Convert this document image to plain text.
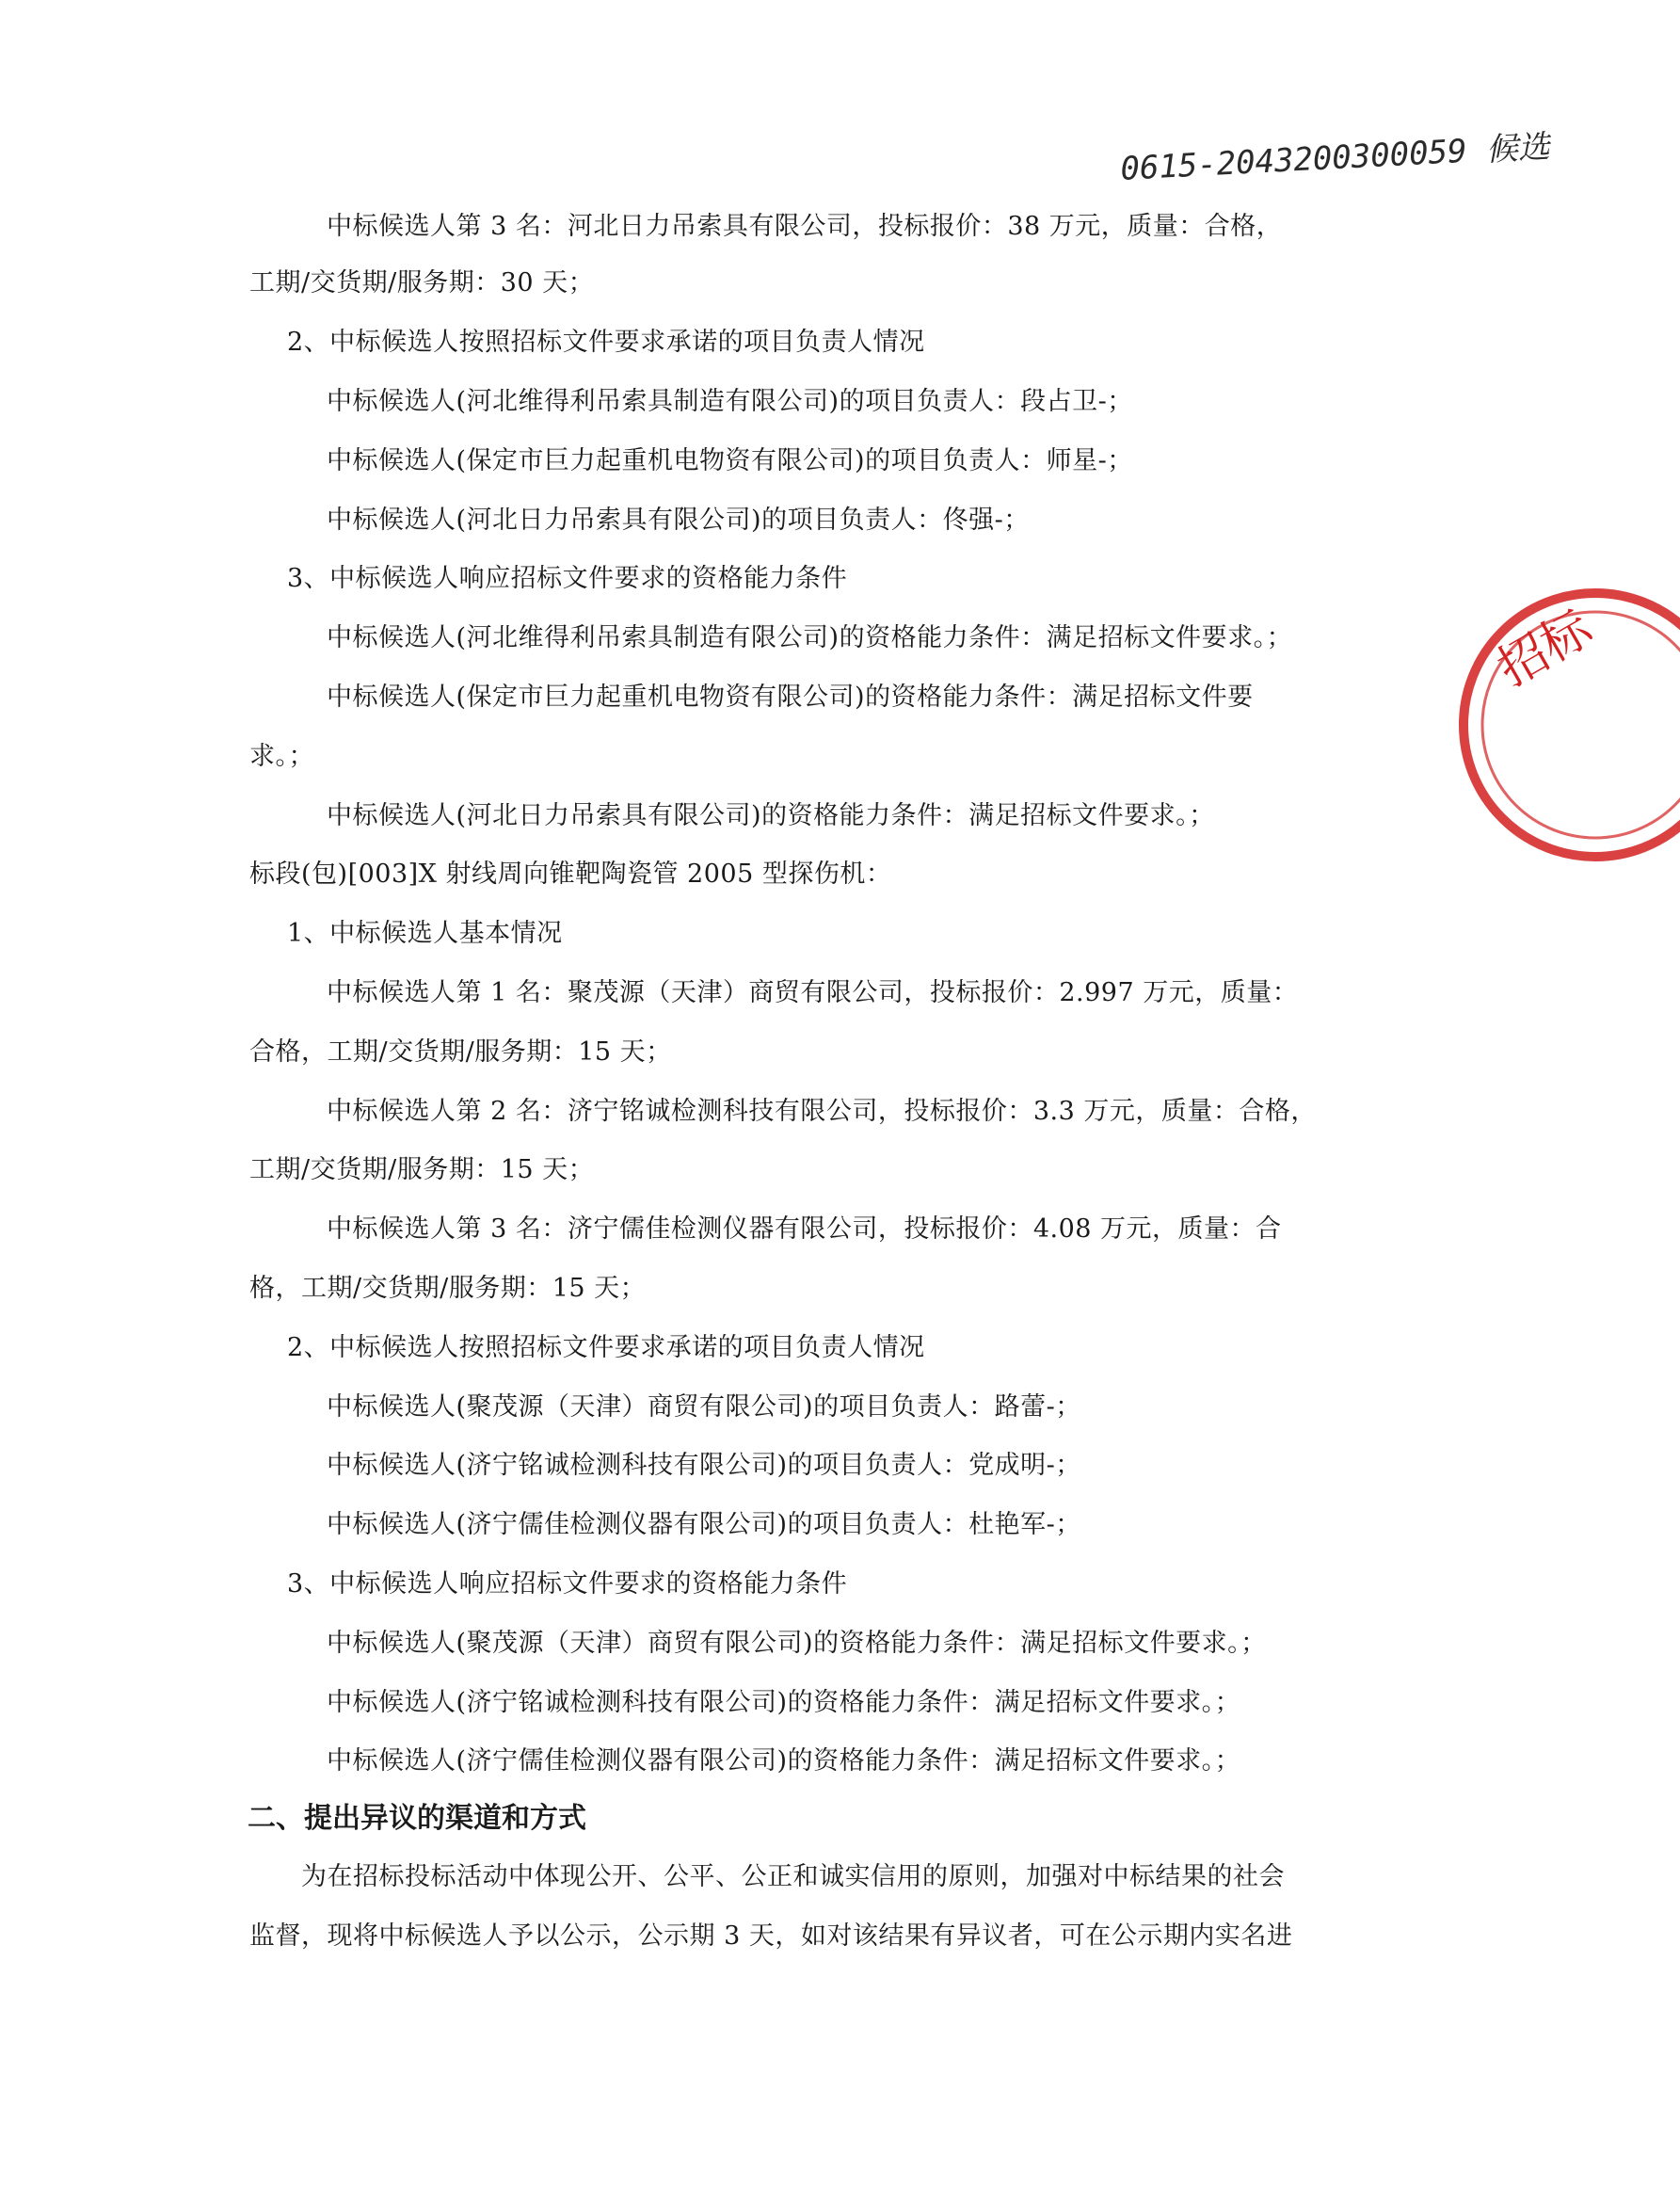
0615-2043200300059 候选
招标
中标候选人第 3 名：河北日力吊索具有限公司，投标报价：38 万元，质量：合格，
工期/交货期/服务期：30 天；
2、中标候选人按照招标文件要求承诺的项目负责人情况
中标候选人(河北维得利吊索具制造有限公司)的项目负责人：段占卫-；
中标候选人(保定市巨力起重机电物资有限公司)的项目负责人：师星-；
中标候选人(河北日力吊索具有限公司)的项目负责人：佟强-；
3、中标候选人响应招标文件要求的资格能力条件
中标候选人(河北维得利吊索具制造有限公司)的资格能力条件：满足招标文件要求。；
中标候选人(保定市巨力起重机电物资有限公司)的资格能力条件：满足招标文件要
求。；
中标候选人(河北日力吊索具有限公司)的资格能力条件：满足招标文件要求。；
标段(包)[003]X 射线周向锥靶陶瓷管 2005 型探伤机：
1、中标候选人基本情况
中标候选人第 1 名：聚茂源（天津）商贸有限公司，投标报价：2.997 万元，质量：
合格，工期/交货期/服务期：15 天；
中标候选人第 2 名：济宁铭诚检测科技有限公司，投标报价：3.3 万元，质量：合格，
工期/交货期/服务期：15 天；
中标候选人第 3 名：济宁儒佳检测仪器有限公司，投标报价：4.08 万元，质量：合
格，工期/交货期/服务期：15 天；
2、中标候选人按照招标文件要求承诺的项目负责人情况
中标候选人(聚茂源（天津）商贸有限公司)的项目负责人：路蕾-；
中标候选人(济宁铭诚检测科技有限公司)的项目负责人：党成明-；
中标候选人(济宁儒佳检测仪器有限公司)的项目负责人：杜艳军-；
3、中标候选人响应招标文件要求的资格能力条件
中标候选人(聚茂源（天津）商贸有限公司)的资格能力条件：满足招标文件要求。；
中标候选人(济宁铭诚检测科技有限公司)的资格能力条件：满足招标文件要求。；
中标候选人(济宁儒佳检测仪器有限公司)的资格能力条件：满足招标文件要求。；
二、提出异议的渠道和方式
为在招标投标活动中体现公开、公平、公正和诚实信用的原则，加强对中标结果的社会
监督，现将中标候选人予以公示，公示期 3 天，如对该结果有异议者，可在公示期内实名进
